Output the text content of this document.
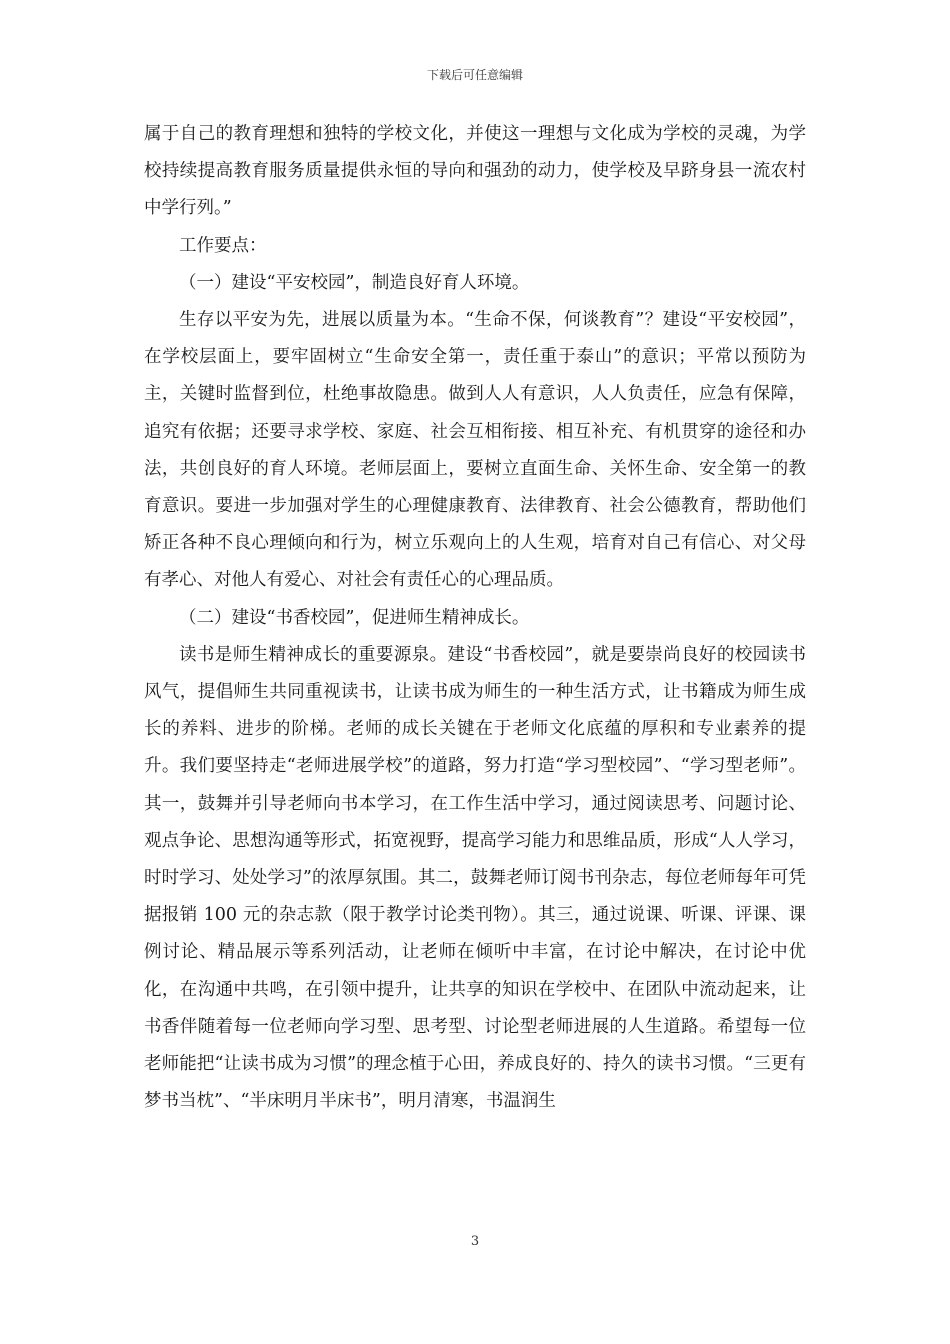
下载后可任意编辑

属于自己的教育理想和独特的学校文化，并使这一理想与文化成为学校的灵魂，为学校持续提高教育服务质量提供永恒的导向和强劲的动力，使学校及早跻身县一流农村中学行列。”

工作要点：

（一）建设“平安校园”，制造良好育人环境。

生存以平安为先，进展以质量为本。“生命不保，何谈教育”？建设“平安校园”，在学校层面上，要牢固树立“生命安全第一，责任重于泰山”的意识；平常以预防为主，关键时监督到位，杜绝事故隐患。做到人人有意识，人人负责任，应急有保障，追究有依据；还要寻求学校、家庭、社会互相衔接、相互补充、有机贯穿的途径和办法，共创良好的育人环境。老师层面上，要树立直面生命、关怀生命、安全第一的教育意识。要进一步加强对学生的心理健康教育、法律教育、社会公德教育，帮助他们矫正各种不良心理倾向和行为，树立乐观向上的人生观，培育对自己有信心、对父母有孝心、对他人有爱心、对社会有责任心的心理品质。

（二）建设“书香校园”，促进师生精神成长。

读书是师生精神成长的重要源泉。建设“书香校园”，就是要崇尚良好的校园读书风气，提倡师生共同重视读书，让读书成为师生的一种生活方式，让书籍成为师生成长的养料、进步的阶梯。老师的成长关键在于老师文化底蕴的厚积和专业素养的提升。我们要坚持走“老师进展学校”的道路，努力打造“学习型校园”、“学习型老师”。其一，鼓舞并引导老师向书本学习，在工作生活中学习，通过阅读思考、问题讨论、观点争论、思想沟通等形式，拓宽视野，提高学习能力和思维品质，形成“人人学习，时时学习、处处学习”的浓厚氛围。其二，鼓舞老师订阅书刊杂志，每位老师每年可凭据报销 100 元的杂志款（限于教学讨论类刊物）。其三，通过说课、听课、评课、课例讨论、精品展示等系列活动，让老师在倾听中丰富，在讨论中解决，在讨论中优化，在沟通中共鸣，在引领中提升，让共享的知识在学校中、在团队中流动起来，让书香伴随着每一位老师向学习型、思考型、讨论型老师进展的人生道路。希望每一位老师能把“让读书成为习惯”的理念植于心田，养成良好的、持久的读书习惯。“三更有梦书当枕”、“半床明月半床书”，明月清寒，书温润生

3
